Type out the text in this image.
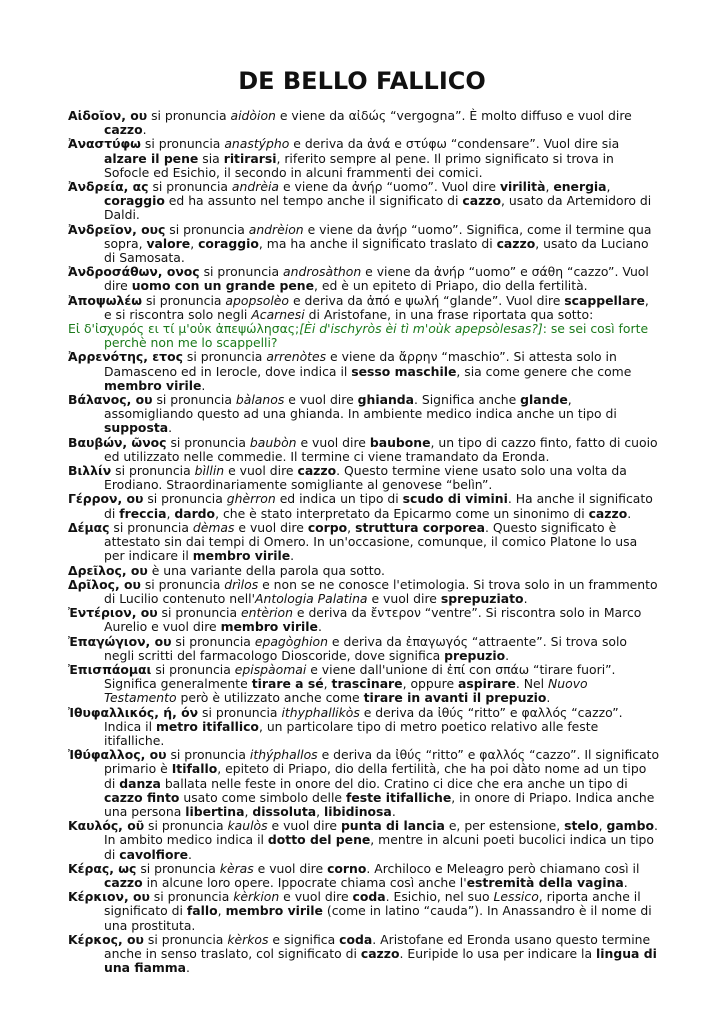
DE BELLO FALLICO

Aἰδοῖον, ου si pronuncia aidòion e viene da αἰδώς “vergogna”. È molto diffuso e vuol dire cazzo.

Ἀναστύφω si pronuncia anastýpho e deriva da ἀνά e στύφω “condensare”. Vuol dire sia alzare il pene sia ritirarsi, riferito sempre al pene. Il primo significato si trova in Sofocle ed Esichio, il secondo in alcuni frammenti dei comici.

Ἀνδρεία, ας si pronuncia andrèia e viene da ἀνήρ “uomo”. Vuol dire virilità, energia, coraggio ed ha assunto nel tempo anche il significato di cazzo, usato da Artemidoro di Daldi.

Ἀνδρεῖον, ους si pronuncia andrèion e viene da ἀνήρ “uomo”. Significa, come il termine qua sopra, valore, coraggio, ma ha anche il significato traslato di cazzo, usato da Luciano di Samosata.

Ἀνδροσάθων, ονος si pronuncia androsàthon e viene da ἀνήρ “uomo” e σάθη “cazzo”. Vuol dire uomo con un grande pene, ed è un epiteto di Priapo, dio della fertilità.

Ἀποψωλέω si pronuncia apopsolèo e deriva da ἀπό e ψωλή “glande”. Vuol dire scappellare, e si riscontra solo negli Acarnesi di Aristofane, in una frase riportata qua sotto:

Eἰ δ'ἰσχυρός ει τί μ'οὐκ ἀπεψώλησας;[Èi d'ischyròs èi tì m'oùk apepsòlesas?]: se sei così forte perchè non me lo scappelli?

Ἀρρενότης, ετος si pronuncia arrenòtes e viene da ἄρρην “maschio”. Si attesta solo in Damasceno ed in Ierocle, dove indica il sesso maschile, sia come genere che come membro virile.

Βάλανος, ου si pronuncia bàlanos e vuol dire ghianda. Significa anche glande, assomigliando questo ad una ghianda. In ambiente medico indica anche un tipo di supposta.

Βαυβών, ῶνος si pronuncia baubòn e vuol dire baubone, un tipo di cazzo finto, fatto di cuoio ed utilizzato nelle commedie. Il termine ci viene tramandato da Eronda.

Βιλλίν si pronuncia bìllin e vuol dire cazzo. Questo termine viene usato solo una volta da Erodiano. Straordinariamente somigliante al genovese “belìn”.

Γέρρον, ου si pronuncia ghèrron ed indica un tipo di scudo di vimini. Ha anche il significato di freccia, dardo, che è stato interpretato da Epicarmo come un sinonimo di cazzo.

Δέμας si pronuncia dèmas e vuol dire corpo, struttura corporea. Questo significato è attestato sin dai tempi di Omero. In un'occasione, comunque, il comico Platone lo usa per indicare il membro virile.

Δρεῖλος, ου è una variante della parola qua sotto.

Δρῖλος, ου si pronuncia drìlos e non se ne conosce l'etimologia. Si trova solo in un frammento di Lucilio contenuto nell'Antologia Palatina e vuol dire sprepuziato.

Ἐντέριον, ου si pronuncia entèrion e deriva da ἔντερον “ventre”. Si riscontra solo in Marco Aurelio e vuol dire membro virile.

Ἐπαγώγιον, ου si pronuncia epagòghion e deriva da ἐπαγωγός “attraente”. Si trova solo negli scritti del farmacologo Dioscoride, dove significa prepuzio.

Ἐπισπάομαι si pronuncia epispàomai e viene dall'unione di ἐπί con σπάω “tirare fuori”. Significa generalmente tirare a sé, trascinare, oppure aspirare. Nel Nuovo Testamento però è utilizzato anche come tirare in avanti il prepuzio.

Ἰθυφαλλικός, ή, όν si pronuncia ithyphallikòs e deriva da ἰθύς “ritto” e φαλλός “cazzo”. Indica il metro itifallico, un particolare tipo di metro poetico relativo alle feste itifalliche.

Ἰθύφαλλος, ου si pronuncia ithýphallos e deriva da ἰθύς “ritto” e φαλλός “cazzo”. Il significato primario è Itifallo, epiteto di Priapo, dio della fertilità, che ha poi dàto nome ad un tipo di danza ballata nelle feste in onore del dio. Cratino ci dice che era anche un tipo di cazzo finto usato come simbolo delle feste itifalliche, in onore di Priapo. Indica anche una persona libertina, dissoluta, libidinosa.

Καυλός, οῦ si pronuncia kaulòs e vuol dire punta di lancia e, per estensione, stelo, gambo. In ambito medico indica il dotto del pene, mentre in alcuni poeti bucolici indica un tipo di cavolfiore.

Κέρας, ως si pronuncia kèras e vuol dire corno. Archiloco e Meleagro però chiamano così il cazzo in alcune loro opere. Ippocrate chiama così anche l'estremità della vagina.

Κέρκιον, ου si pronuncia kèrkion e vuol dire coda. Esichio, nel suo Lessico, riporta anche il significato di fallo, membro virile (come in latino “cauda”). In Anassandro è il nome di una prostituta.

Κέρκος, ου si pronuncia kèrkos e significa coda. Aristofane ed Eronda usano questo termine anche in senso traslato, col significato di cazzo. Euripide lo usa per indicare la lingua di una fiamma.
